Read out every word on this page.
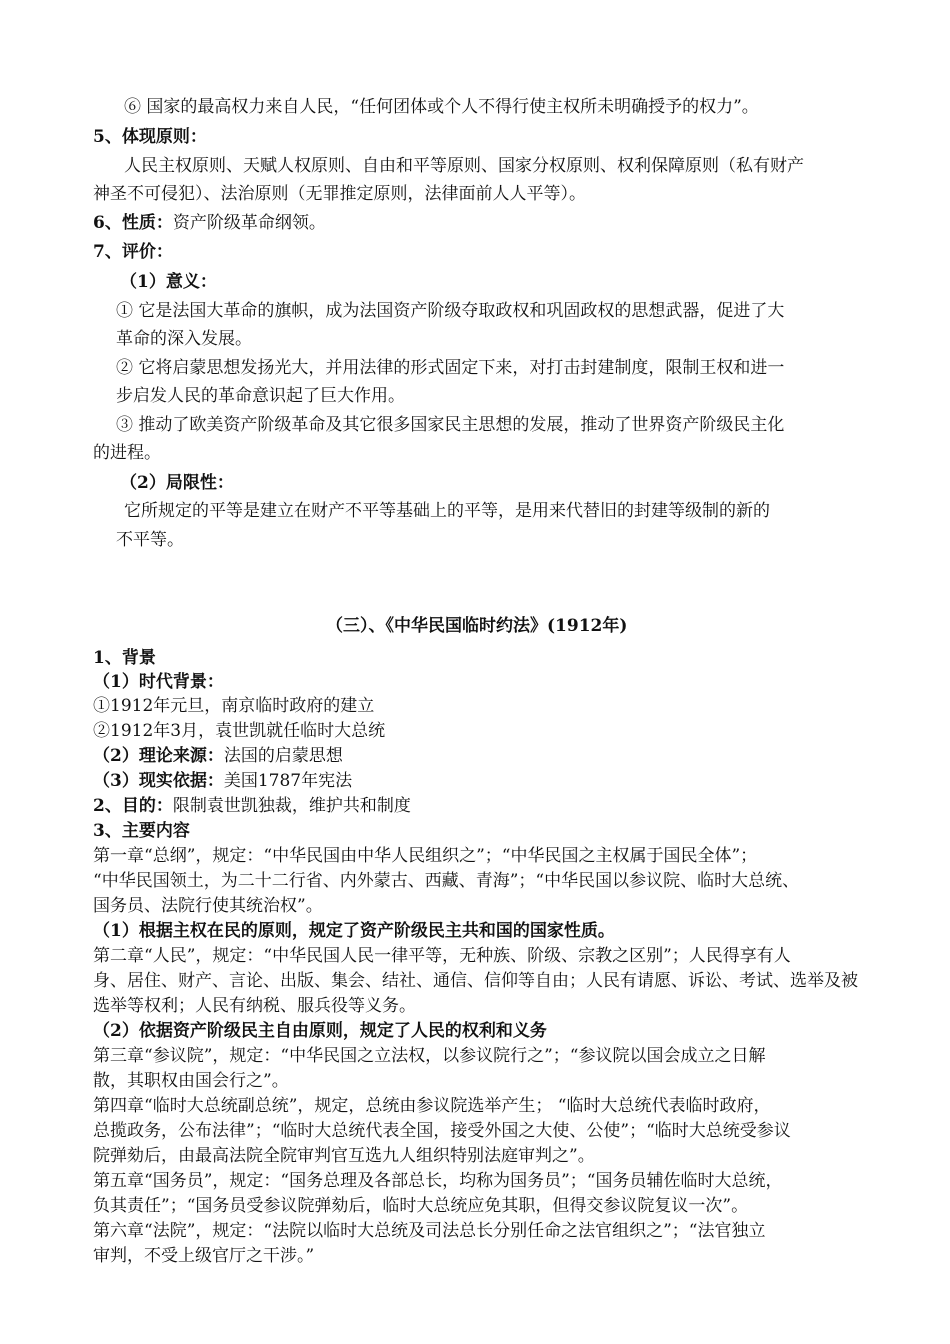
⑥ 国家的最高权力来自人民，“任何团体或个人不得行使主权所未明确授予的权力”。

5、体现原则：

人民主权原则、天赋人权原则、自由和平等原则、国家分权原则、权利保障原则（私有财产

神圣不可侵犯）、法治原则（无罪推定原则，法律面前人人平等）。

6、性质：资产阶级革命纲领。

7、评价：

（1）意义：

① 它是法国大革命的旗帜，成为法国资产阶级夺取政权和巩固政权的思想武器，促进了大

革命的深入发展。

② 它将启蒙思想发扬光大，并用法律的形式固定下来，对打击封建制度，限制王权和进一

步启发人民的革命意识起了巨大作用。

③ 推动了欧美资产阶级革命及其它很多国家民主思想的发展，推动了世界资产阶级民主化

的进程。

（2）局限性：

它所规定的平等是建立在财产不平等基础上的平等，是用来代替旧的封建等级制的新的

不平等。

（三）、《中华民国临时约法》(1912年)

1、背景

（1）时代背景：

①1912年元旦，南京临时政府的建立

②1912年3月，袁世凯就任临时大总统

（2）理论来源：法国的启蒙思想

（3）现实依据：美国1787年宪法

2、目的：限制袁世凯独裁，维护共和制度

3、主要内容

第一章“总纲”，规定：“中华民国由中华人民组织之”；“中华民国之主权属于国民全体”；

“中华民国领土，为二十二行省、内外蒙古、西藏、青海”；“中华民国以参议院、临时大总统、

国务员、法院行使其统治权”。

（1）根据主权在民的原则，规定了资产阶级民主共和国的国家性质。

第二章“人民”，规定：“中华民国人民一律平等，无种族、阶级、宗教之区别”；人民得享有人

身、居住、财产、言论、出版、集会、结社、通信、信仰等自由；人民有请愿、诉讼、考试、选举及被

选举等权利；人民有纳税、服兵役等义务。

（2）依据资产阶级民主自由原则，规定了人民的权利和义务

第三章“参议院”，规定：“中华民国之立法权，以参议院行之”；“参议院以国会成立之日解

散，其职权由国会行之”。

第四章“临时大总统副总统”，规定，总统由参议院选举产生； “临时大总统代表临时政府，

总揽政务，公布法律”；“临时大总统代表全国，接受外国之大使、公使”；“临时大总统受参议

院弹劾后，由最高法院全院审判官互选九人组织特别法庭审判之”。

第五章“国务员”，规定：“国务总理及各部总长，均称为国务员”；“国务员辅佐临时大总统，

负其责任”；“国务员受参议院弹劾后，临时大总统应免其职，但得交参议院复议一次”。

第六章“法院”，规定：“法院以临时大总统及司法总长分别任命之法官组织之”；“法官独立

审判，不受上级官厅之干涉。”
